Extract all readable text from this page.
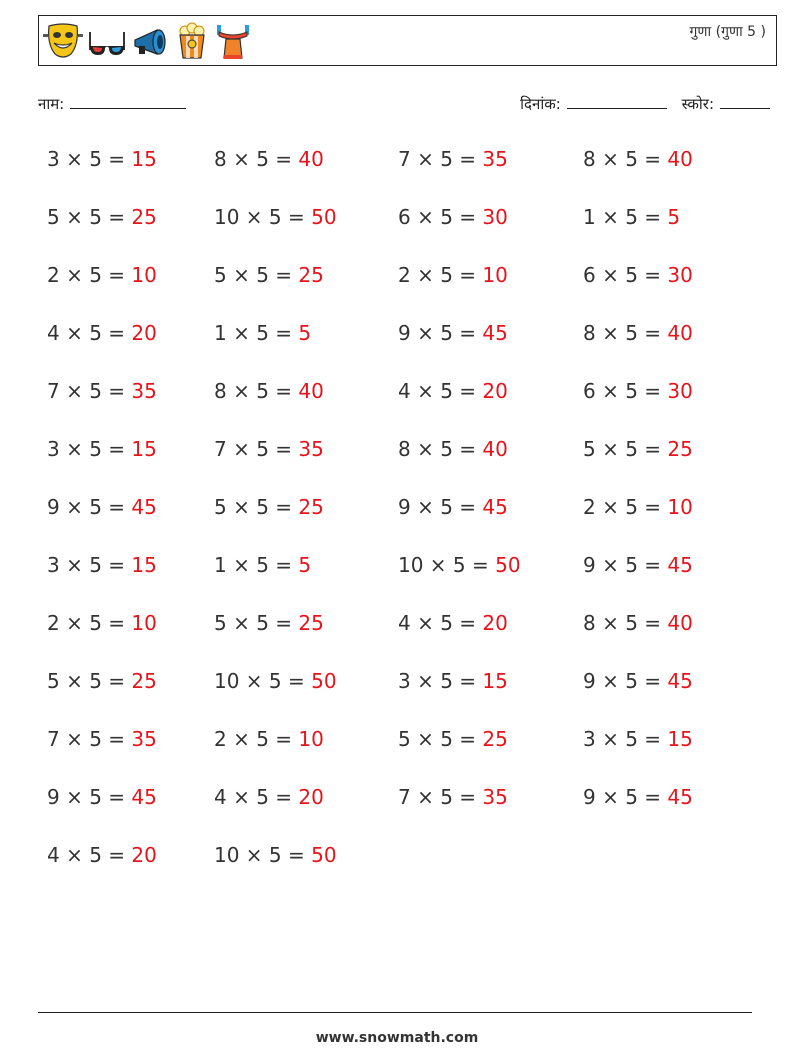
गुणा (गुणा 5 )
नाम:	दिनांक:	स्कोर:
3 × 5 = 15	8 × 5 = 40	7 × 5 = 35	8 × 5 = 40
5 × 5 = 25	10 × 5 = 50	6 × 5 = 30	1 × 5 = 5
2 × 5 = 10	5 × 5 = 25	2 × 5 = 10	6 × 5 = 30
4 × 5 = 20	1 × 5 = 5	9 × 5 = 45	8 × 5 = 40
7 × 5 = 35	8 × 5 = 40	4 × 5 = 20	6 × 5 = 30
3 × 5 = 15	7 × 5 = 35	8 × 5 = 40	5 × 5 = 25
9 × 5 = 45	5 × 5 = 25	9 × 5 = 45	2 × 5 = 10
3 × 5 = 15	1 × 5 = 5	10 × 5 = 50	9 × 5 = 45
2 × 5 = 10	5 × 5 = 25	4 × 5 = 20	8 × 5 = 40
5 × 5 = 25	10 × 5 = 50	3 × 5 = 15	9 × 5 = 45
7 × 5 = 35	2 × 5 = 10	5 × 5 = 25	3 × 5 = 15
9 × 5 = 45	4 × 5 = 20	7 × 5 = 35	9 × 5 = 45
4 × 5 = 20	10 × 5 = 50
www.snowmath.com
